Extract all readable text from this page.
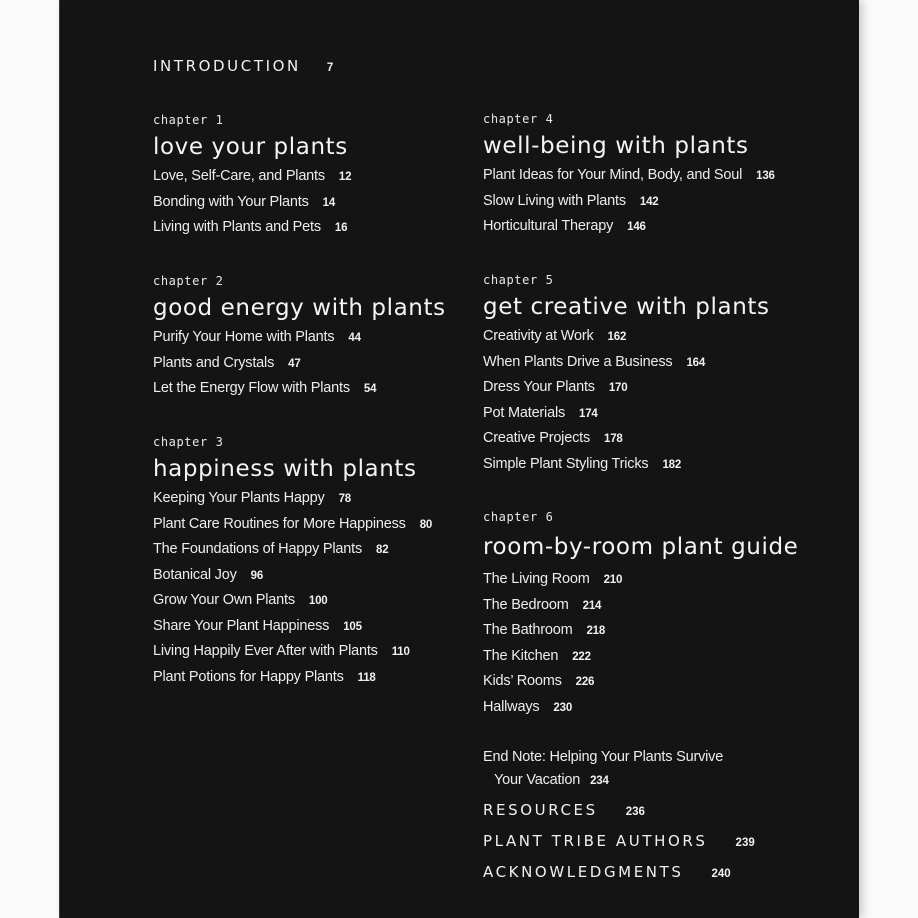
INTRODUCTION 7
chapter 1
love your plants
Love, Self-Care, and Plants 12
Bonding with Your Plants 14
Living with Plants and Pets 16
chapter 2
good energy with plants
Purify Your Home with Plants 44
Plants and Crystals 47
Let the Energy Flow with Plants 54
chapter 3
happiness with plants
Keeping Your Plants Happy 78
Plant Care Routines for More Happiness 80
The Foundations of Happy Plants 82
Botanical Joy 96
Grow Your Own Plants 100
Share Your Plant Happiness 105
Living Happily Ever After with Plants 110
Plant Potions for Happy Plants 118
chapter 4
well-being with plants
Plant Ideas for Your Mind, Body, and Soul 136
Slow Living with Plants 142
Horticultural Therapy 146
chapter 5
get creative with plants
Creativity at Work 162
When Plants Drive a Business 164
Dress Your Plants 170
Pot Materials 174
Creative Projects 178
Simple Plant Styling Tricks 182
chapter 6
room-by-room plant guide
The Living Room 210
The Bedroom 214
The Bathroom 218
The Kitchen 222
Kids’ Rooms 226
Hallways 230
End Note: Helping Your Plants Survive
Your Vacation 234
RESOURCES 236
PLANT TRIBE AUTHORS 239
ACKNOWLEDGMENTS 240
